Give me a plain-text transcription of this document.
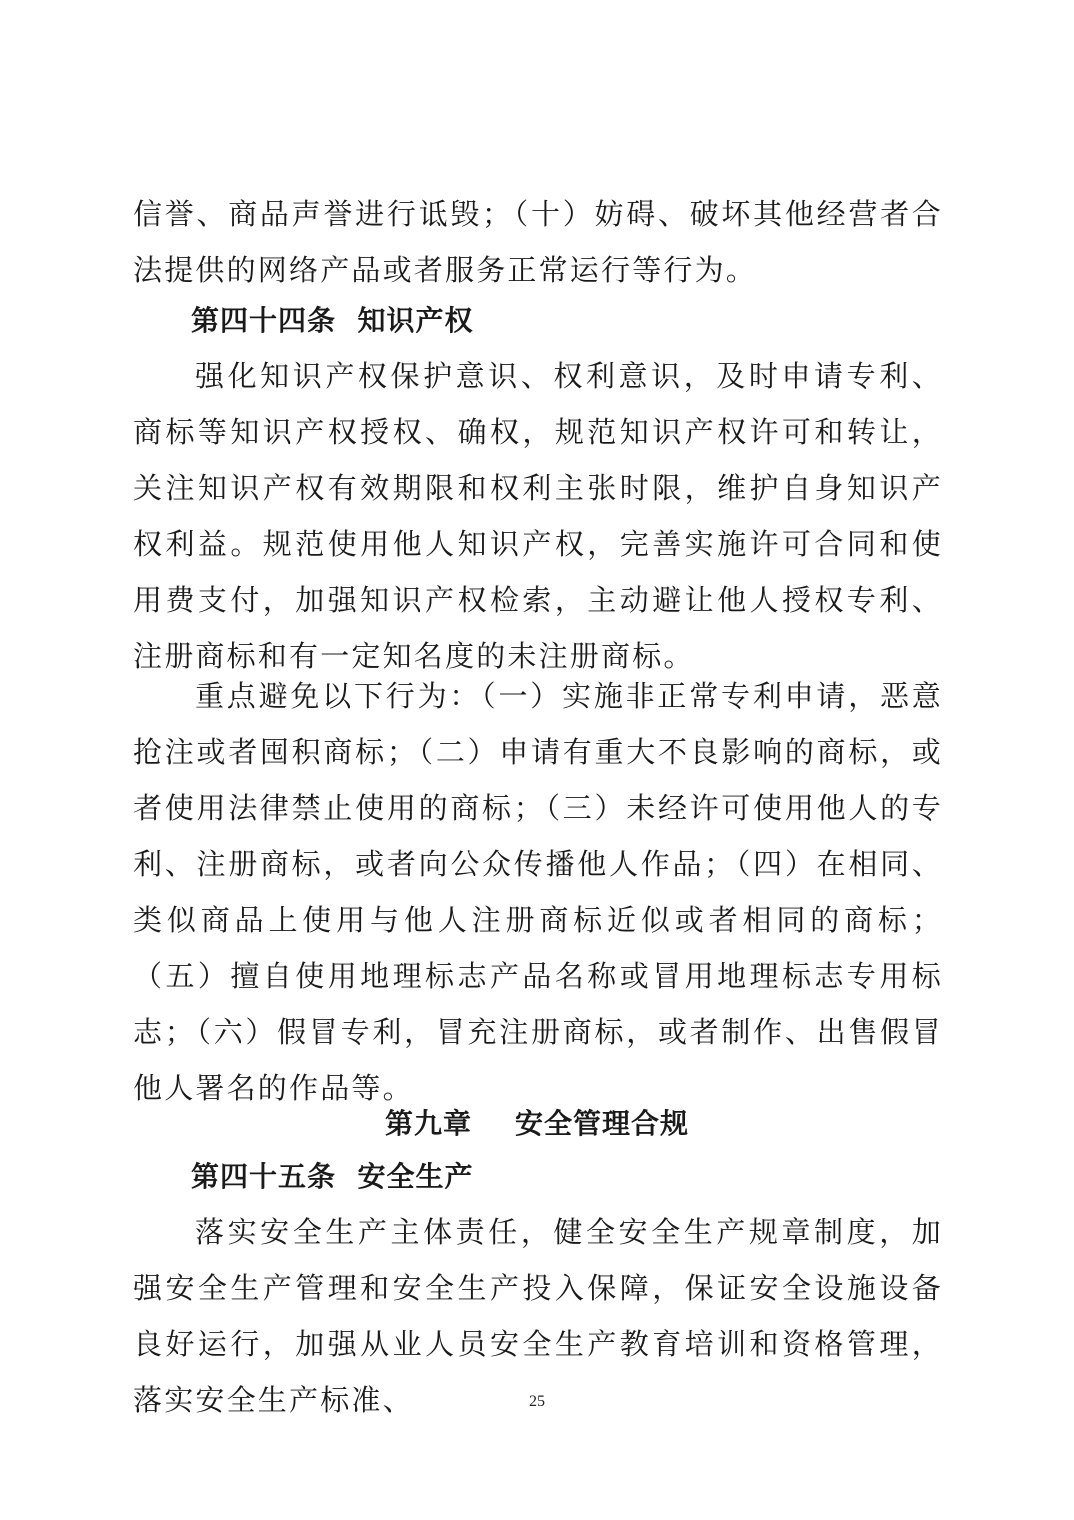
信誉、商品声誉进行诋毁；（十）妨碍、破坏其他经营者合法提供的网络产品或者服务正常运行等行为。
第四十四条  知识产权
强化知识产权保护意识、权利意识，及时申请专利、商标等知识产权授权、确权，规范知识产权许可和转让，关注知识产权有效期限和权利主张时限，维护自身知识产权利益。规范使用他人知识产权，完善实施许可合同和使用费支付，加强知识产权检索，主动避让他人授权专利、注册商标和有一定知名度的未注册商标。
重点避免以下行为：（一）实施非正常专利申请，恶意抢注或者囤积商标；（二）申请有重大不良影响的商标，或者使用法律禁止使用的商标；（三）未经许可使用他人的专利、注册商标，或者向公众传播他人作品；（四）在相同、类似商品上使用与他人注册商标近似或者相同的商标；（五）擅自使用地理标志产品名称或冒用地理标志专用标志；（六）假冒专利，冒充注册商标，或者制作、出售假冒他人署名的作品等。
第九章    安全管理合规
第四十五条  安全生产
落实安全生产主体责任，健全安全生产规章制度，加强安全生产管理和安全生产投入保障，保证安全设施设备良好运行，加强从业人员安全生产教育培训和资格管理，落实安全生产标准、	25
